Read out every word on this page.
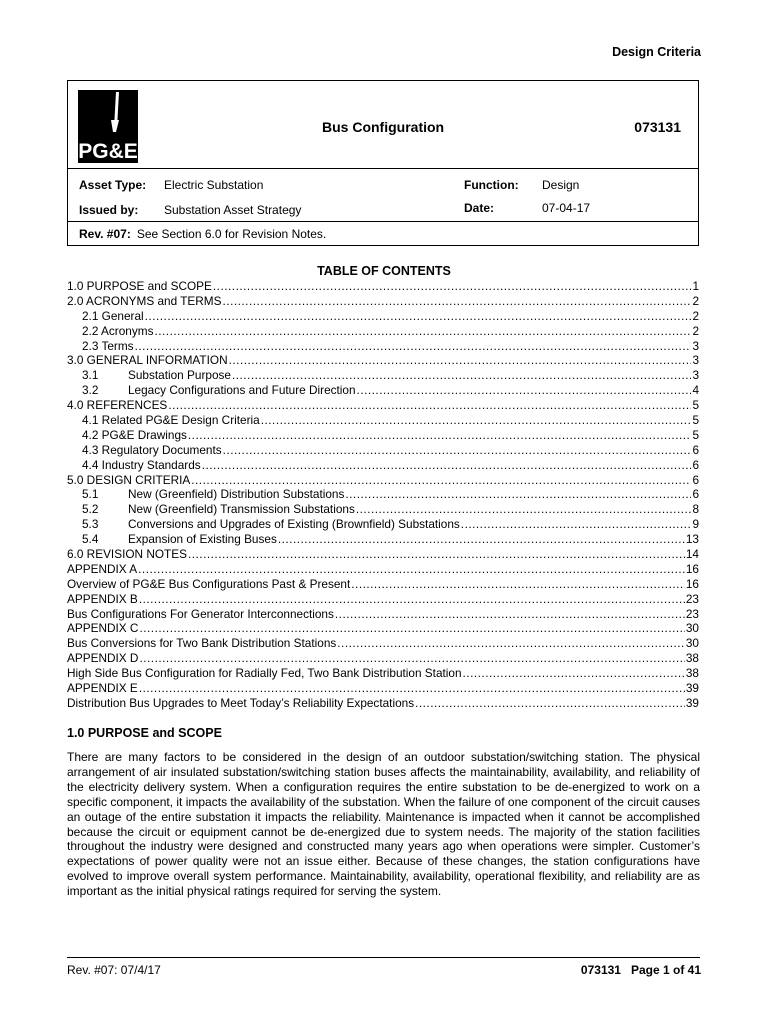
Design Criteria
PG&E
Bus Configuration	073131
Asset Type: Electric Substation	Function: Design
Issued by: Substation Asset Strategy	Date:	07-04-17
Rev. #07: See Section 6.0 for Revision Notes.
TABLE OF CONTENTS
1.0 PURPOSE and SCOPE .....	1
2.0 ACRONYMS and TERMS .....	2
2.1 General .....	2
2.2 Acronyms .....	2
2.3 Terms .....	3
3.0 GENERAL INFORMATION .....	3
3.1	Substation Purpose .....	3
3.2	Legacy Configurations and Future Direction .....	4
4.0 REFERENCES .....	5
4.1 Related PG&E Design Criteria .....	5
4.2 PG&E Drawings .....	5
4.3 Regulatory Documents .....	6
4.4 Industry Standards .....	6
5.0 DESIGN CRITERIA .....	6
5.1	New (Greenfield) Distribution Substations .....	6
5.2	New (Greenfield) Transmission Substations .....	8
5.3	Conversions and Upgrades of Existing (Brownfield) Substations .....	9
5.4	Expansion of Existing Buses .....	13
6.0 REVISION NOTES .....	14
APPENDIX A .....	16
Overview of PG&E Bus Configurations Past & Present .....	16
APPENDIX B .....	23
Bus Configurations For Generator Interconnections .....	23
APPENDIX C .....	30
Bus Conversions for Two Bank Distribution Stations .....	30
APPENDIX D .....	38
High Side Bus Configuration for Radially Fed, Two Bank Distribution Station .....	38
APPENDIX E .....	39
Distribution Bus Upgrades to Meet Today’s Reliability Expectations .....	39
1.0 PURPOSE and SCOPE
There are many factors to be considered in the design of an outdoor substation/switching station. The physical arrangement of air insulated substation/switching station buses affects the maintainability, availability, and reliability of the electricity delivery system. When a configuration requires the entire substation to be de-energized to work on a specific component, it impacts the availability of the substation. When the failure of one component of the circuit causes an outage of the entire substation it impacts the reliability. Maintenance is impacted when it cannot be accomplished because the circuit or equipment cannot be de-energized due to system needs. The majority of the station facilities throughout the industry were designed and constructed many years ago when operations were simpler. Customer’s expectations of power quality were not an issue either. Because of these changes, the station configurations have evolved to improve overall system performance. Maintainability, availability, operational flexibility, and reliability are as important as the initial physical ratings required for serving the system.
Rev. #07: 07/4/17	073131 Page 1 of 41
